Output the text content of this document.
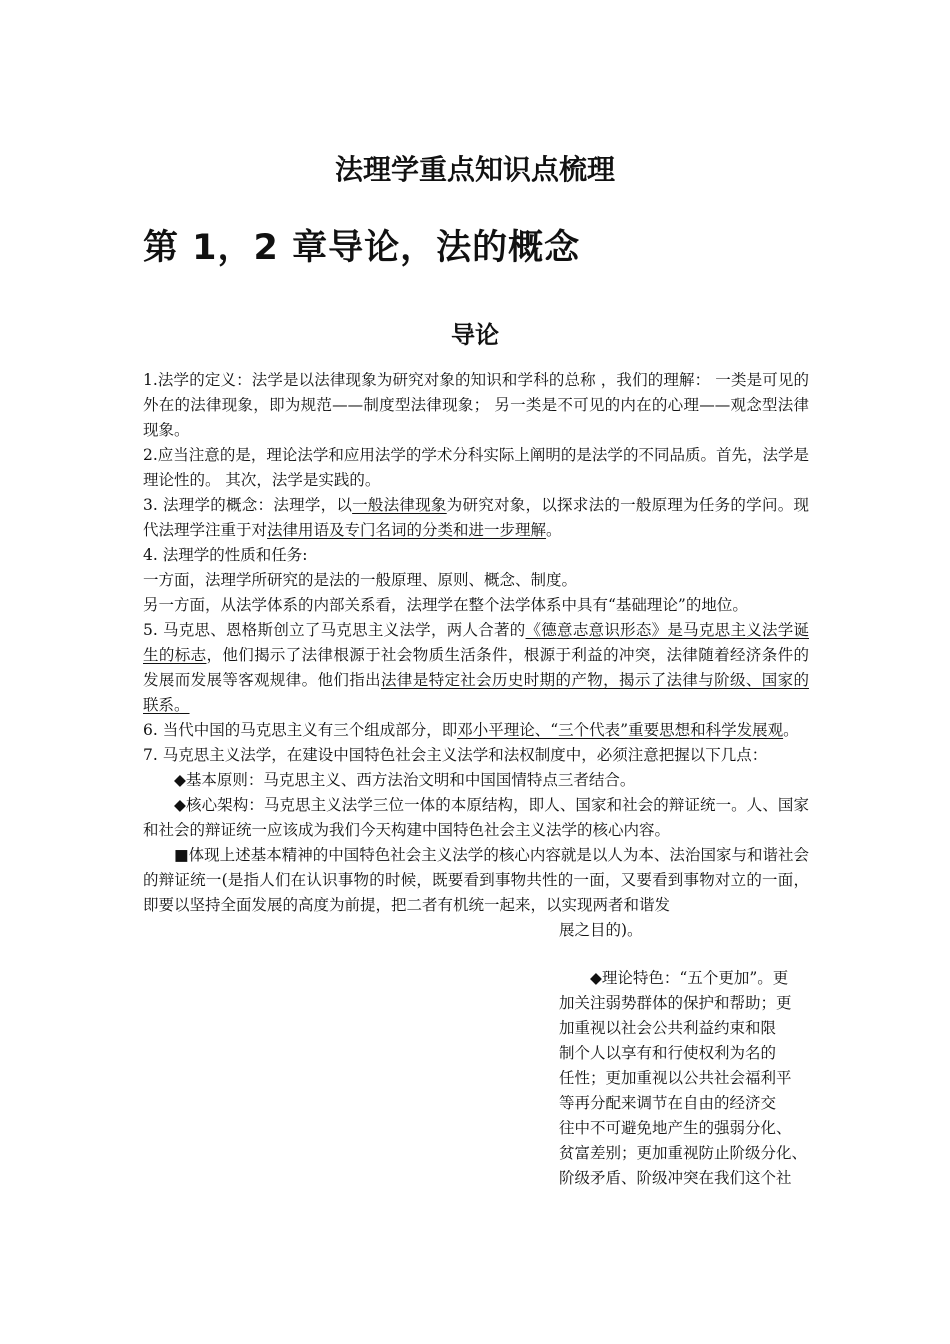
法理学重点知识点梳理
第 1，2 章导论，法的概念
导论

1.法学的定义：法学是以法律现象为研究对象的知识和学科的总称 ，我们的理解： 一类是可见的外在的法律现象，即为规范——制度型法律现象； 另一类是不可见的内在的心理——观念型法律现象。

2.应当注意的是，理论法学和应用法学的学术分科实际上阐明的是法学的不同品质。首先，法学是理论性的。 其次，法学是实践的。

3. 法理学的概念：法理学，以一般法律现象为研究对象，以探求法的一般原理为任务的学问。现代法理学注重于对法律用语及专门名词的分类和进一步理解。

4. 法理学的性质和任务:

一方面，法理学所研究的是法的一般原理、原则、概念、制度。

另一方面，从法学体系的内部关系看，法理学在整个法学体系中具有“基础理论”的地位。

5. 马克思、恩格斯创立了马克思主义法学，两人合著的《德意志意识形态》是马克思主义法学诞生的标志，他们揭示了法律根源于社会物质生活条件，根源于利益的冲突，法律随着经济条件的发展而发展等客观规律。他们指出法律是特定社会历史时期的产物，揭示了法律与阶级、国家的联系。

6. 当代中国的马克思主义有三个组成部分，即邓小平理论、“三个代表”重要思想和科学发展观。

7. 马克思主义法学，在建设中国特色社会主义法学和法权制度中，必须注意把握以下几点：

◆基本原则：马克思主义、西方法治文明和中国国情特点三者结合。

◆核心架构：马克思主义法学三位一体的本原结构，即人、国家和社会的辩证统一。人、国家和社会的辩证统一应该成为我们今天构建中国特色社会主义法学的核心内容。

■体现上述基本精神的中国特色社会主义法学的核心内容就是以人为本、法治国家与和谐社会的辩证统一(是指人们在认识事物的时候，既要看到事物共性的一面，又要看到事物对立的一面，即要以坚持全面发展的高度为前提，把二者有机统一起来，以实现两者和谐发

展之目的)。

◆理论特色：“五个更加”。更

加关注弱势群体的保护和帮助；更

加重视以社会公共利益约束和限

制个人以享有和行使权利为名的

任性；更加重视以公共社会福利平

等再分配来调节在自由的经济交

往中不可避免地产生的强弱分化、

贫富差别；更加重视防止阶级分化、

阶级矛盾、阶级冲突在我们这个社
